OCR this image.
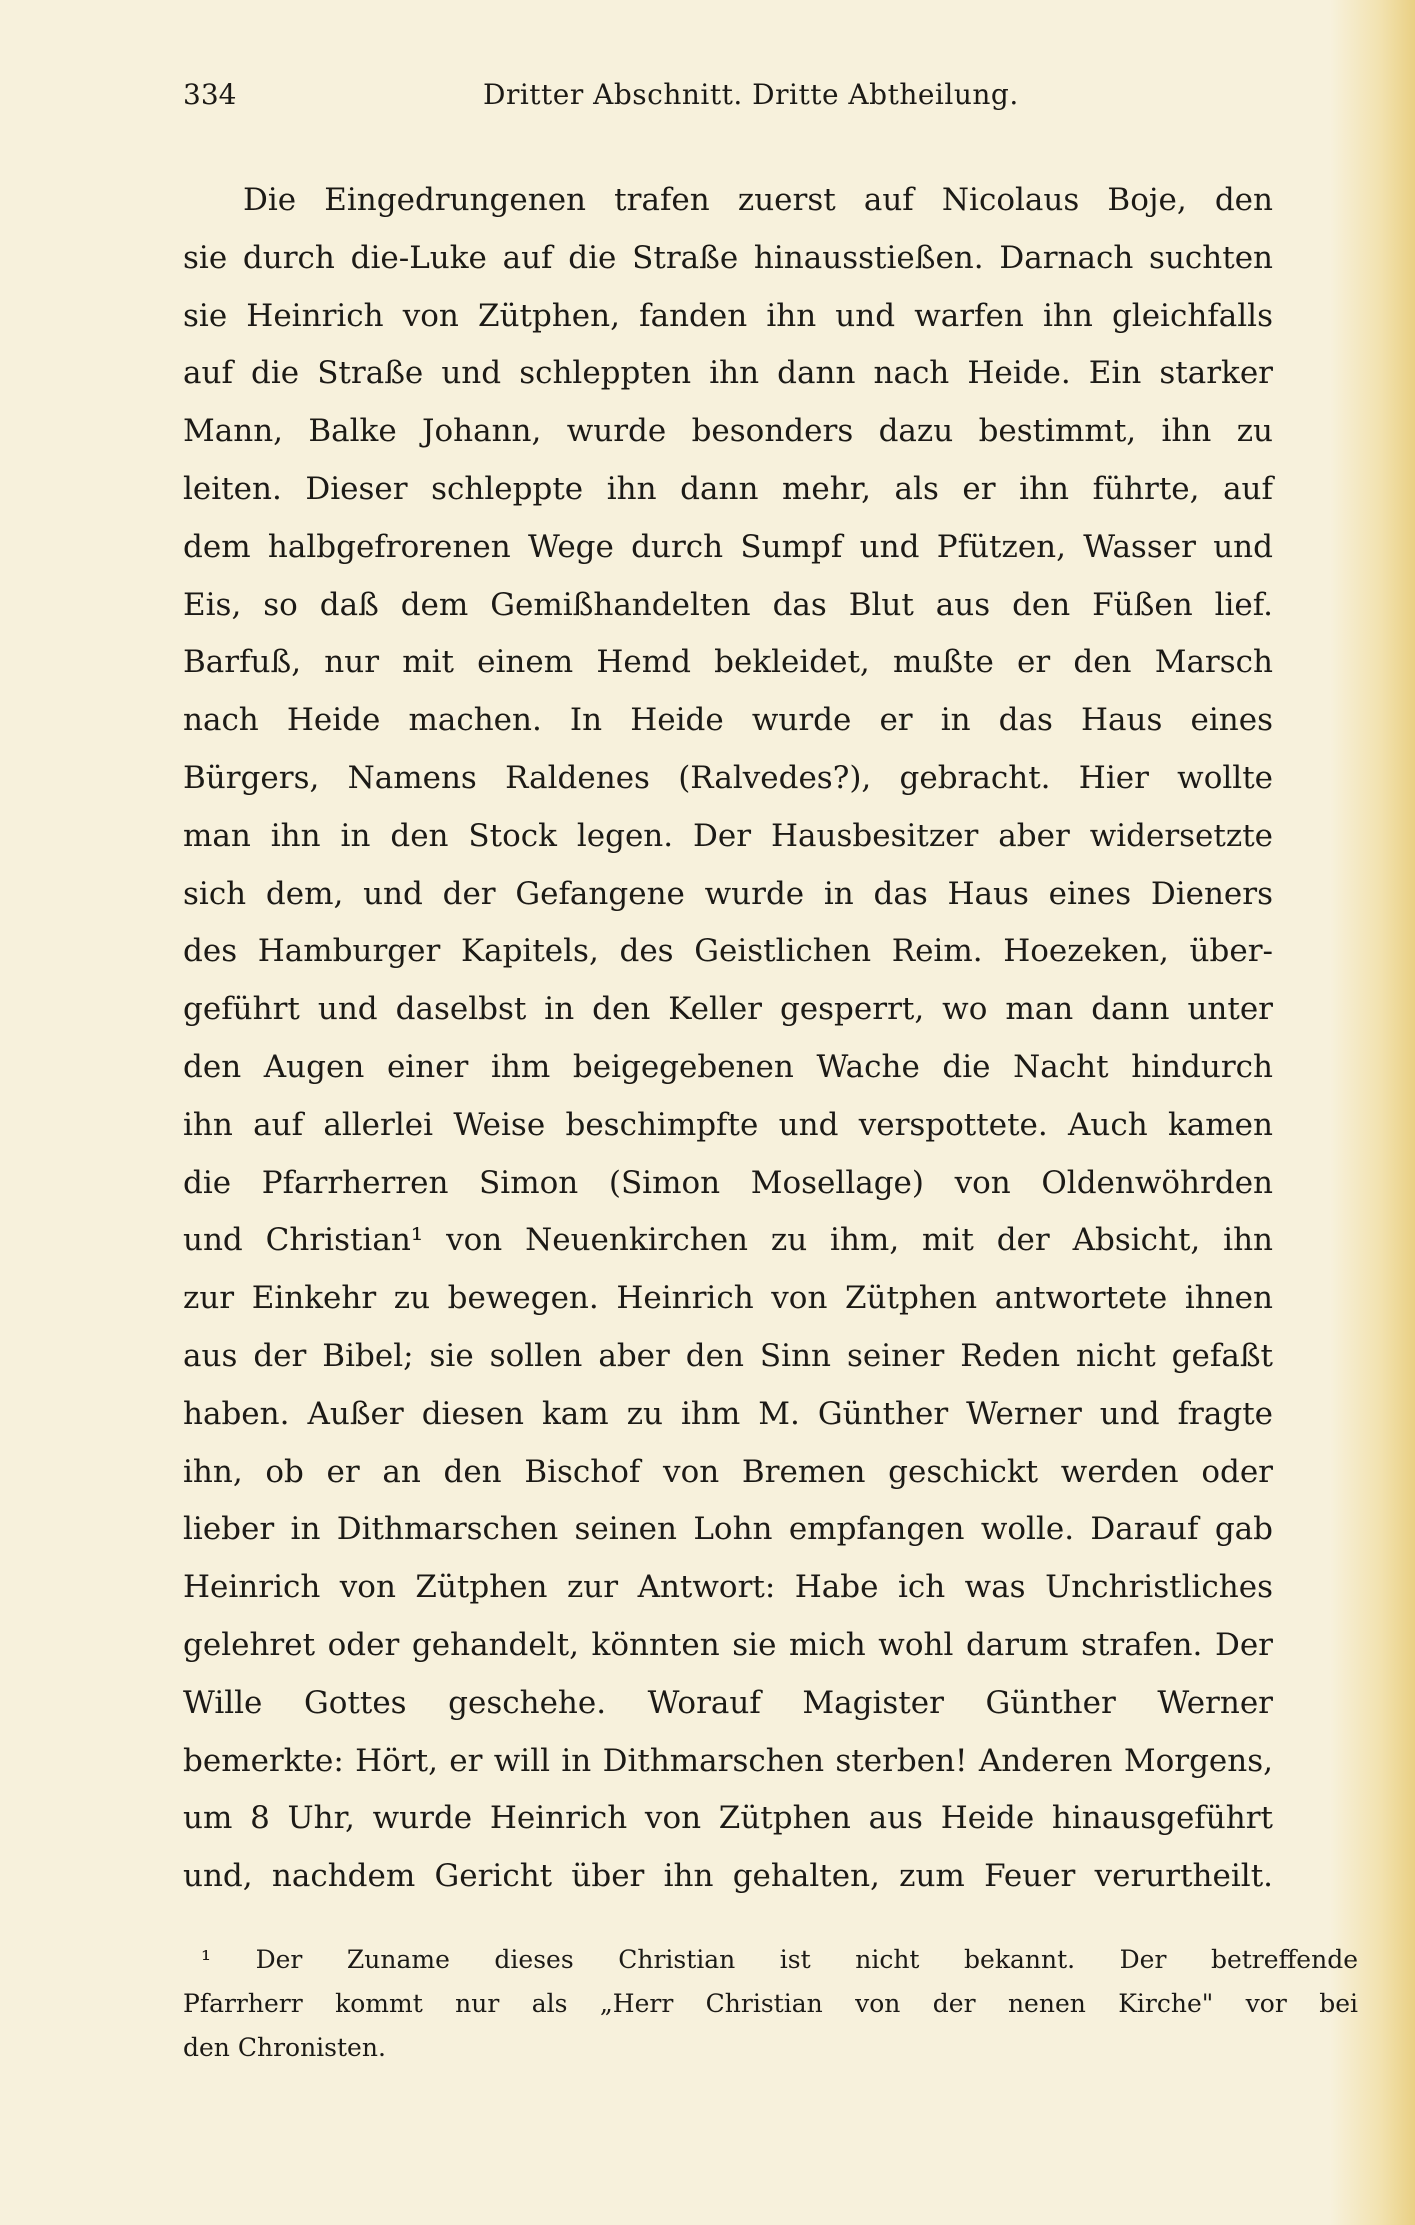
334	Dritter Abschnitt. Dritte Abtheilung.
Die Eingedrungenen trafen zuerst auf Nicolaus Boje, den
sie durch die-Luke auf die Straße hinausstießen. Darnach suchten
sie Heinrich von Zütphen, fanden ihn und warfen ihn gleichfalls
auf die Straße und schleppten ihn dann nach Heide. Ein starker
Mann, Balke Johann, wurde besonders dazu bestimmt, ihn zu
leiten. Dieser schleppte ihn dann mehr, als er ihn führte, auf
dem halbgefrorenen Wege durch Sumpf und Pfützen, Wasser und
Eis, so daß dem Gemißhandelten das Blut aus den Füßen lief.
Barfuß, nur mit einem Hemd bekleidet, mußte er den Marsch
nach Heide machen. In Heide wurde er in das Haus eines
Bürgers, Namens Raldenes (Ralvedes?), gebracht. Hier wollte
man ihn in den Stock legen. Der Hausbesitzer aber widersetzte
sich dem, und der Gefangene wurde in das Haus eines Dieners
des Hamburger Kapitels, des Geistlichen Reim. Hoezeken, über-
geführt und daselbst in den Keller gesperrt, wo man dann unter
den Augen einer ihm beigegebenen Wache die Nacht hindurch
ihn auf allerlei Weise beschimpfte und verspottete. Auch kamen
die Pfarrherren Simon (Simon Mosellage) von Oldenwöhrden
und Christian¹ von Neuenkirchen zu ihm, mit der Absicht, ihn
zur Einkehr zu bewegen. Heinrich von Zütphen antwortete ihnen
aus der Bibel; sie sollen aber den Sinn seiner Reden nicht gefaßt
haben. Außer diesen kam zu ihm M. Günther Werner und fragte
ihn, ob er an den Bischof von Bremen geschickt werden oder
lieber in Dithmarschen seinen Lohn empfangen wolle. Darauf gab
Heinrich von Zütphen zur Antwort: Habe ich was Unchristliches
gelehret oder gehandelt, könnten sie mich wohl darum strafen. Der
Wille Gottes geschehe. Worauf Magister Günther Werner
bemerkte: Hört, er will in Dithmarschen sterben! Anderen Morgens,
um 8 Uhr, wurde Heinrich von Zütphen aus Heide hinausgeführt
und, nachdem Gericht über ihn gehalten, zum Feuer verurtheilt.
¹ Der Zuname dieses Christian ist nicht bekannt. Der betreffende
Pfarrherr kommt nur als „Herr Christian von der nenen Kirche" vor bei
den Chronisten.
